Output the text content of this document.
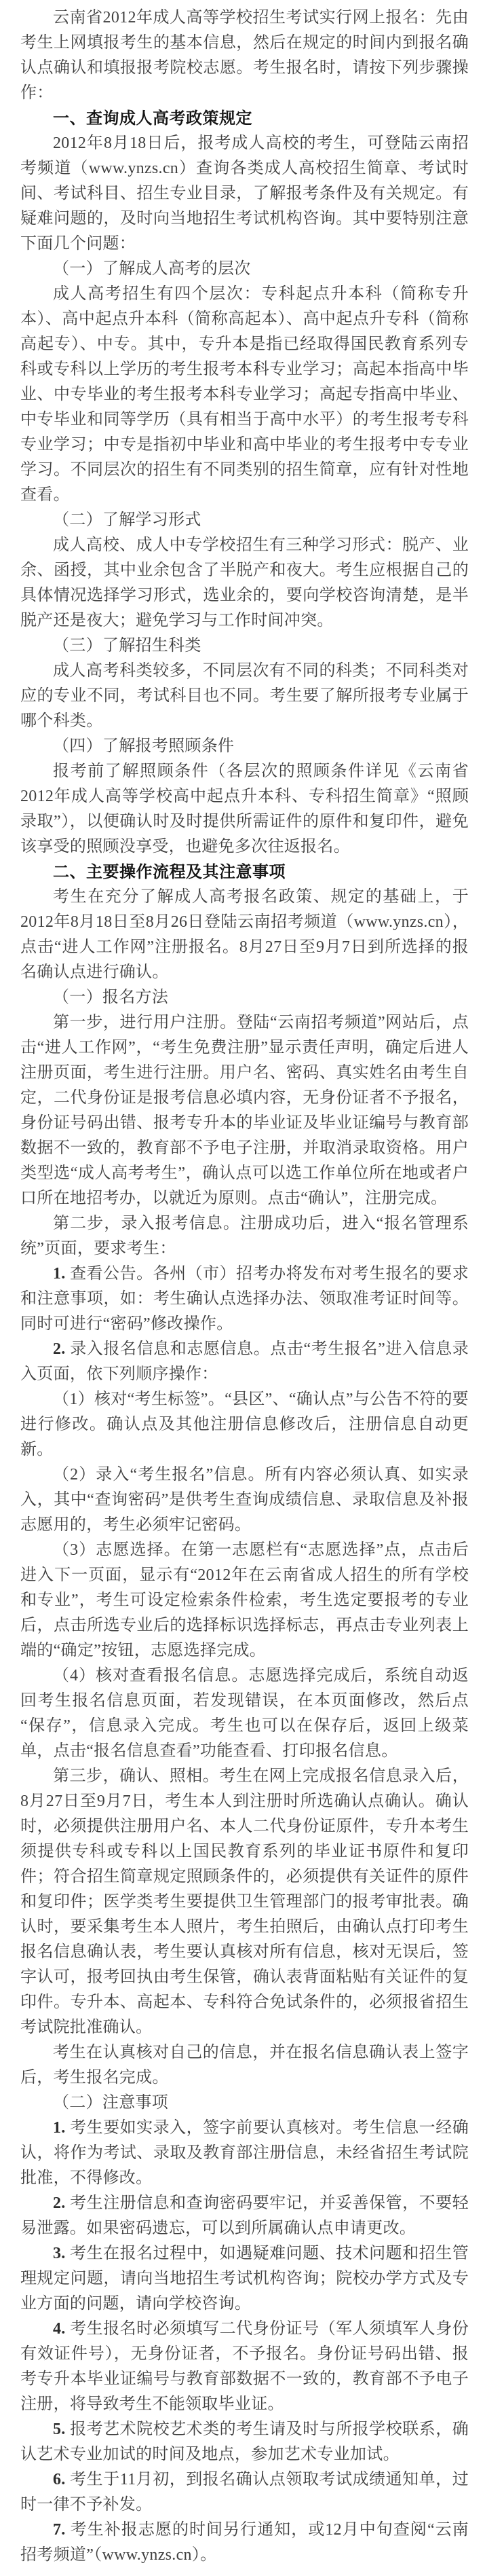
云南省2012年成人高等学校招生考试实行网上报名：先由考生上网填报考生的基本信息，然后在规定的时间内到报名确认点确认和填报报考院校志愿。考生报名时，请按下列步骤操作：

一、查询成人高考政策规定

2012年8月18日后，报考成人高校的考生，可登陆云南招考频道（www.ynzs.cn）查询各类成人高校招生简章、考试时间、考试科目、招生专业目录，了解报考条件及有关规定。有疑难问题的，及时向当地招生考试机构咨询。其中要特别注意下面几个问题：

（一）了解成人高考的层次

成人高考招生有四个层次：专科起点升本科（简称专升本）、高中起点升本科（简称高起本）、高中起点升专科（简称高起专）、中专。其中，专升本是指已经取得国民教育系列专科或专科以上学历的考生报考本科专业学习；高起本指高中毕业、中专毕业的考生报考本科专业学习；高起专指高中毕业、中专毕业和同等学历（具有相当于高中水平）的考生报考专科专业学习；中专是指初中毕业和高中毕业的考生报考中专专业学习。不同层次的招生有不同类别的招生简章，应有针对性地查看。

（二）了解学习形式

成人高校、成人中专学校招生有三种学习形式：脱产、业余、函授，其中业余包含了半脱产和夜大。考生应根据自己的具体情况选择学习形式，选业余的，要向学校咨询清楚，是半脱产还是夜大；避免学习与工作时间冲突。

（三）了解招生科类

成人高考科类较多，不同层次有不同的科类；不同科类对应的专业不同，考试科目也不同。考生要了解所报考专业属于哪个科类。

（四）了解报考照顾条件

报考前了解照顾条件（各层次的照顾条件详见《云南省2012年成人高等学校高中起点升本科、专科招生简章》“照顾录取”），以便确认时及时提供所需证件的原件和复印件，避免该享受的照顾没享受，也避免多次往返报名。

二、主要操作流程及其注意事项

考生在充分了解成人高考报名政策、规定的基础上，于2012年8月18日至8月26日登陆云南招考频道（www.ynzs.cn），点击“进人工作网”注册报名。8月27日至9月7日到所选择的报名确认点进行确认。

（一）报名方法

第一步，进行用户注册。登陆“云南招考频道”网站后，点击“进人工作网”，“考生免费注册”显示责任声明，确定后进人注册页面，考生进行注册。用户名、密码、真实姓名由考生自定，二代身份证是报考信息必填内容，无身份证者不予报名，身份证号码出错、报考专升本的毕业证及毕业证编号与教育部数据不一致的，教育部不予电子注册，并取消录取资格。用户类型选“成人高考考生”，确认点可以选工作单位所在地或者户口所在地招考办，以就近为原则。点击“确认”，注册完成。

第二步，录入报考信息。注册成功后，进入“报名管理系统”页面，要求考生：

1. 查看公告。各州（市）招考办将发布对考生报名的要求和注意事项，如：考生确认点选择办法、领取准考证时间等。同时可进行“密码”修改操作。

2. 录入报名信息和志愿信息。点击“考生报名”进入信息录入页面，依下列顺序操作：

（1）核对“考生标签”。“县区”、“确认点”与公告不符的要进行修改。确认点及其他注册信息修改后，注册信息自动更新。

（2）录入“考生报名”信息。所有内容必须认真、如实录入，其中“查询密码”是供考生查询成绩信息、录取信息及补报志愿用的，考生必须牢记密码。

（3）志愿选择。在第一志愿栏有“志愿选择”点，点击后进入下一页面，显示有“2012年在云南省成人招生的所有学校和专业”，考生可设定检索条件检索，考生选定要报考的专业后，点击所选专业后的选择标识选择标志，再点击专业列表上端的“确定”按钮，志愿选择完成。

（4）核对查看报名信息。志愿选择完成后，系统自动返回考生报名信息页面，若发现错误，在本页面修改，然后点“保存”，信息录入完成。考生也可以在保存后，返回上级菜单，点击“报名信息查看”功能查看、打印报名信息。

第三步，确认、照相。考生在网上完成报名信息录入后，8月27日至9月7日，考生本人到注册时所选确认点确认。确认时，必须提供注册用户名、本人二代身份证原件，专升本考生须提供专科或专科以上国民教育系列的毕业证书原件和复印件；符合招生简章规定照顾条件的，必须提供有关证件的原件和复印件；医学类考生要提供卫生管理部门的报考审批表。确认时，要采集考生本人照片，考生拍照后，由确认点打印考生报名信息确认表，考生要认真核对所有信息，核对无误后，签字认可，报考回执由考生保管，确认表背面粘贴有关证件的复印件。专升本、高起本、专科符合免试条件的，必须报省招生考试院批准确认。

考生在认真核对自己的信息，并在报名信息确认表上签字后，考生报名完成。

（二）注意事项

1. 考生要如实录入，签字前要认真核对。考生信息一经确认，将作为考试、录取及教育部注册信息，未经省招生考试院批准，不得修改。

2. 考生注册信息和查询密码要牢记，并妥善保管，不要轻易泄露。如果密码遗忘，可以到所属确认点申请更改。

3. 考生在报名过程中，如遇疑难问题、技术问题和招生管理规定问题，请向当地招生考试机构咨询；院校办学方式及专业方面的问题，请向学校咨询。

4. 考生报名时必须填写二代身份证号（军人须填军人身份有效证件号），无身份证者，不予报名。身份证号码出错、报考专升本毕业证编号与教育部数据不一致的，教育部不予电子注册，将导致考生不能领取毕业证。

5. 报考艺术院校艺术类的考生请及时与所报学校联系，确认艺术专业加试的时间及地点，参加艺术专业加试。

6. 考生于11月初，到报名确认点领取考试成绩通知单，过时一律不予补发。

7. 考生补报志愿的时间另行通知，或12月中旬查阅“云南招考频道”（www.ynzs.cn）。
